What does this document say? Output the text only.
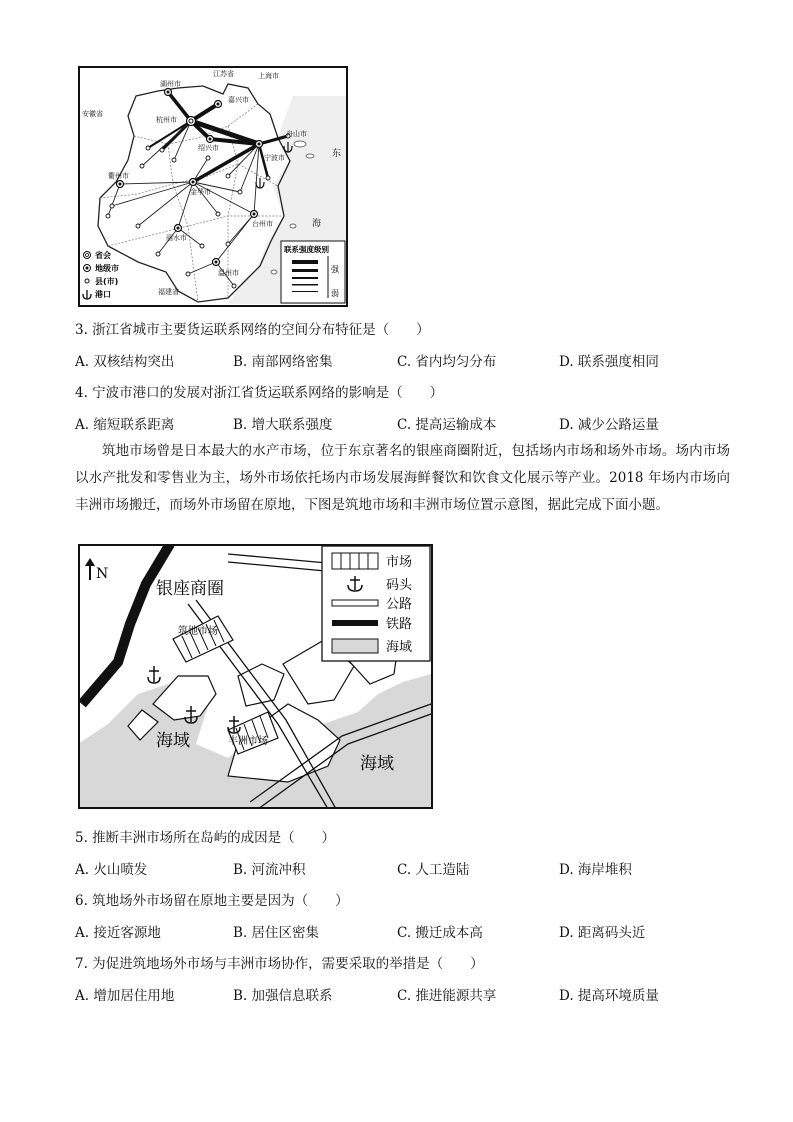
江苏省	上海市
安徽省
湖州市
嘉兴市
杭州市
舟山市
绍兴市
宁波市
衢州市
金华市
台州市
丽水市
温州市
福建省
东
海
省会
地级市
县(市)
港口
联系强度级别
强
弱
3. 浙江省城市主要货运联系网络的空间分布特征是（　　）
A. 双核结构突出	B. 南部网络密集	C. 省内均匀分布	D. 联系强度相同
4. 宁波市港口的发展对浙江省货运联系网络的影响是（　　）
A. 缩短联系距离	B. 增大联系强度	C. 提高运输成本	D. 减少公路运量
筑地市场曾是日本最大的水产市场，位于东京著名的银座商圈附近，包括场内市场和场外市场。场内市场以水产批发和零售业为主，场外市场依托场内市场发展海鲜餐饮和饮食文化展示等产业。2018 年场内市场向丰洲市场搬迁，而场外市场留在原地，下图是筑地市场和丰洲市场位置示意图，据此完成下面小题。
N
银座商圈
筑地市场
丰洲市场
海域
海域
市场
码头
公路
铁路
海域
5. 推断丰洲市场所在岛屿的成因是（　　）
A. 火山喷发	B. 河流冲积	C. 人工造陆	D. 海岸堆积
6. 筑地场外市场留在原地主要是因为（　　）
A. 接近客源地	B. 居住区密集	C. 搬迁成本高	D. 距离码头近
7. 为促进筑地场外市场与丰洲市场协作，需要采取的举措是（　　）
A. 增加居住用地	B. 加强信息联系	C. 推进能源共享	D. 提高环境质量
